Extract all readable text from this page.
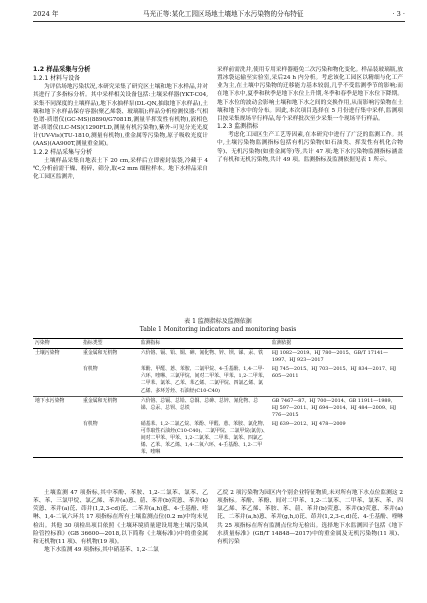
2024 年	马光正等:某化工园区场地土壤地下水污染物的分布特征	· 3 ·
1.2 样品采集与分析
1.2.1 材料与设备

为评估场地污染状况,本研究采集了研究区土壤和地下水样品,并对其进行了多指标分析。其中采样相关设备包括:土壤采样器(YKT-C04,采集不同深度的土壤样品),地下水抽样泵(DL-QN,抽取地下水样品),土壤和地下水样品保存容器(聚乙烯袋、玻璃瓶);样品分析检测仪器:气相色谱-质谱仪(GC-MS)(8890/G7081B,测量半挥发性有机物),液相色谱-质谱仪(LC-MS)(1290FLD,测量有机污染物),紫外-可见分光光度计(UV-Vis)(TU-1810,测量有机物),重金属等污染物,原子吸收光度计(AAS)(AA900T,测量重金属)。

1.2.2 样品采集与分析

土壤样品采集自地表土下 20 cm,采样后立即密封装袋,冷藏于 4 ℃,分析前需干燥、粉碎、筛分,取<2 mm 细粒样本。地下水样品采自化工园区监测井,

采样前需洗井,使用专用采样器避免二次污染和物化变化。样品装玻璃瓶,放置冰袋运输至实验室,采后24 h 内分析。考虑该化工园区以精细与化工产业为主,在土壤中污染物的迁移能力基本较弱,几乎不受监测季节的影响;而在地下水中,夏季和秋季是地下水位上升期,冬季和春季是地下水位下降期。地下水位的波动会影响土壤和地下水之间的交换作用,从而影响污染物在土壤和地下水中的分布。因此,本次项目选择在 5 月份进行集中采样,监测项目按采集规场平行样品,每个采样批次至少采集一个现场平行样品。

1.2.3 监测指标

考虑化工园区生产工艺等因素,在本研究中进行了广泛的监测工作。其中,土壤污染物监测指标包括有机污染物(如石油类、挥发性有机化合物等)、无机污染物(如重金属等)等,共计 47 项;地下水污染物监测指标涵盖了有机和无机污染物,共计 49 项。监测指标及监测依据见表 1 所示。

表 1 监测指标及监测依据
Table 1 Monitoring indicators and monitoring basis
污染物	指标类型	监测指标	监测依据
土壤污染物	重金属和无机物	六价铬、镉、铅、铜、砷、氰化物、锌、钡、锑、汞、铁	HJ 1082—2019、HJ 780—2015、GB/T 17141—1997、HJ 923—2017
	有机物	苯酚、甲醛、蒽、苯胺、二氯甲烷、4-壬基酚、1,4-二甲-六环、喹啉、三氯甲烷、间对二甲苯、甲苯、1,2-二甲苯、二甲苯、氯苯、乙苯、苯乙烯、二氯甲烷、四氯乙烯、氯乙烯、多环芳烃、石油烃(C10-C40)	HJ 745—2015、HJ 703—2015、HJ 834—2017、HJ 605—2011
地下水污染物	重金属和无机物	六价铬、总镉、总铅、总铜、总砷、总锌、氰化物、总锑、总汞、总钡、总铁	GB 7467—87、HJ 700—2014、GB 11911—1989、HJ 597—2011、HJ 694—2014、HJ 484—2009、HJ 776—2015
	有机物	硝基苯、1,2-二氯乙烷、苯酚、甲醛、蒽、苯胺、氯化物、可萃取性石油烃(C10-C40)、二氯甲烷、二氯甲烷(氯仿)、间对二甲苯、甲苯、1,2-二氯苯、二甲苯、氯苯、四氯乙烯、乙苯、苯乙烯、1,4-二氧六环、4-壬基酚、1,2-二甲苯、喹啉	HJ 639—2012、HJ 478—2009

土壤监测 47 项指标,其中苯酚、苯胺、1,2-二氯苯、氯苯、乙苯、苯、三氯甲烷、氯乙烯、苯并(a)蒽、䓛、苯并(b)荧蒽、苯并(k)荧蒽、苯并(a)芘、茚并(1,2,3-cd)芘、二苯并(a,h)蒽、4-壬基酚、喹啉、1,4-二氧六环共 17 项指标在所有土壤监测点位(0.2 m)中均未见检出。其他 30 项检出项目依照《土壤环境质量建设用地土壤污染风险管控标准》(GB 36600—2018,以下简称《土壤标准》)中的重金属和无机物(11 项)、有机物(19 项)。

地下水监测 49 项指标,其中硝基苯、1,2-二氯

乙烷 2 项污染物为园区内个别企业特征物质,未对所有地下水点位监测这 2 项指标。苯酚、苯酚、间对二甲苯、1,2-二氯苯、二甲苯、氯苯、苯、四氯乙烯、苯乙烯、苯胺、苯、䓛、苯并(b)荧蒽、苯并(k)荧蒽、苯并(a)芘、二苯并(a,h)蒽、苯并(g,h,i)芘、茚并(1,2,3-c,d)芘、4-壬基酚、喹啉共 25 项指标在所有监测点位均无检出。选择地下水监测因子包括《地下水质量标准》(GB/T 14848—2017)中的重金属及无机污染物(11 项)、有机污染
